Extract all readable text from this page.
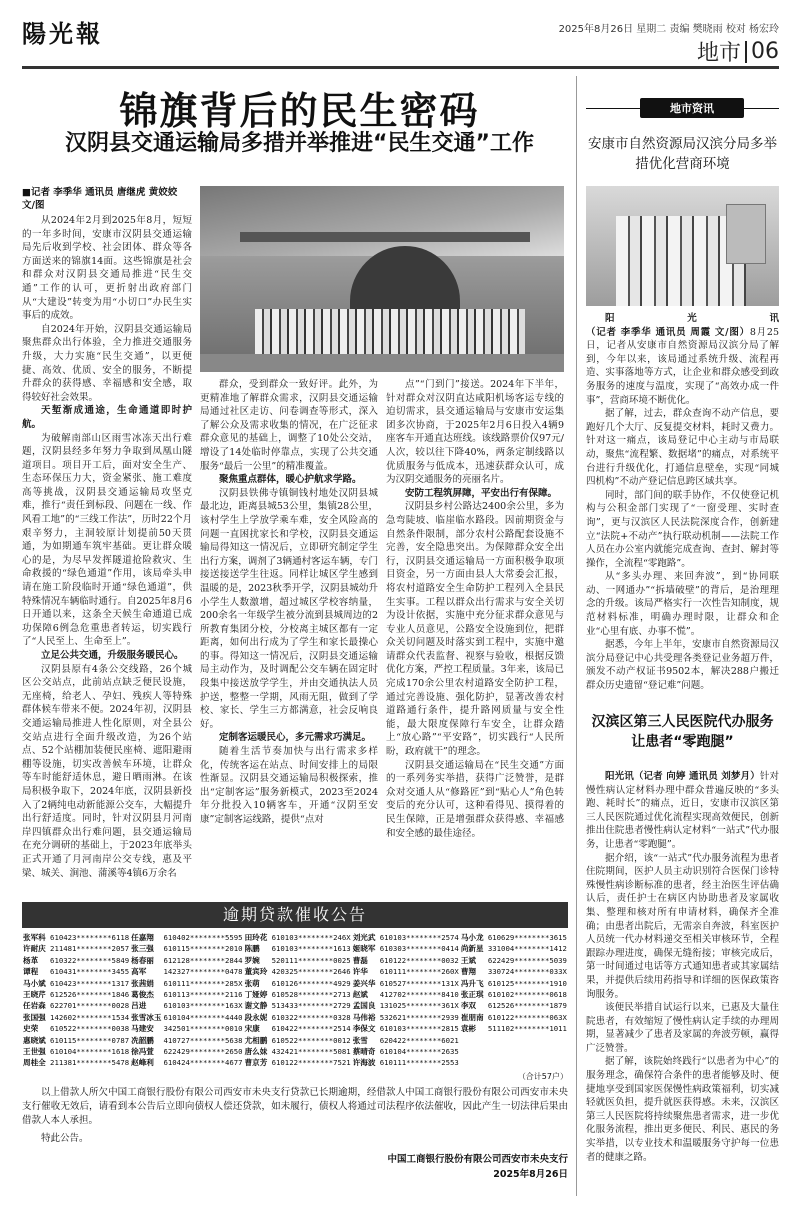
陽光報	2025年8月26日 星期二 责编 樊晓雨 校对 杨宏玲
地市 06
锦旗背后的民生密码
汉阴县交通运输局多措并举推进“民生交通”工作
■记者 李季华 通讯员 唐继虎 黄姣姣 文/图

从2024年2月到2025年8月，短短的一年多时间，安康市汉阴县交通运输局先后收到学校、社会团体、群众等各方面送来的锦旗14面。这些锦旗是社会和群众对汉阴县交通局推进“民生交通”工作的认可，更折射出政府部门从“大建设”转变为用“小切口”办民生实事后的成效。

自2024年开始，汉阴县交通运输局聚焦群众出行体验，全力推进交通服务升级，大力实施“民生交通”，以更便捷、高效、优质、安全的服务，不断提升群众的获得感、幸福感和安全感，取得较好社会效果。

天堑渐成通途，生命通道即时护航。

为破解南部山区雨雪冰冻天出行难题，汉阴县经多年努力争取到凤凰山隧道项目。项目开工后，面对安全生产、生态环保压力大，资金紧张、施工难度高等挑战，汉阴县交通运输局攻坚克难，推行“责任到标段、问题在一线、作风看工地”的“三线工作法”，历时22个月艰辛努力，主洞较原计划提前50天贯通，为如期通车筑牢基础。更让群众暖心的是，为尽早发挥隧道抢险救灾、生命救援的“绿色通道”作用，该局牵头申请在施工阶段临时开通“绿色通道”，供特殊情况车辆临时通行。自2025年8月6日开通以来，这条全天候生命通道已成功保障6例急危重患者转运，切实践行了“人民至上、生命至上”。

立足公共交通，升级服务暖民心。

汉阴县原有4条公交线路，26个城区公交站点，此前站点缺乏便民设施，无座椅，给老人、孕妇、残疾人等特殊群体候车带来不便。2024年初，汉阴县交通运输局推进人性化原则，对全县公交站点进行全面升级改造，为26个站点、52个站棚加装便民座椅、遮阳避雨棚等设施，切实改善候车环境，让群众等车时能舒适休息，避日晒雨淋。在该局积极争取下，2024年底，汉阴县新投入了2辆纯电动新能源公交车，大幅提升出行舒适度。同时，针对汉阴县月河南岸四镇群众出行难问题，县交通运输局在充分调研的基础上，于2023年底举头正式开通了月河南岸公交专线，惠及平梁、城关、涧池、蒲溪等4镇6万余名

群众，受到群众一致好评。此外，为更精准地了解群众需求，汉阴县交通运输局通过社区走访、问卷调查等形式，深入了解公众及需求收集的情况，在广泛征求群众意见的基础上，调整了10处公交站，增设了14处临时停靠点，实现了公共交通服务“最后一公里”的精准覆盖。

聚焦重点群体，暖心护航求学路。

汉阴县铁佛寺镇铜钱村地处汉阴县城最北边，距离县城53公里，集镇28公里，该村学生上学放学乘车难，安全风险高的问题一直困扰家长和学校，汉阴县交通运输局得知这一情况后，立即研究制定学生出行方案，调剂了3辆通村客运车辆，专门接送接送学生往返。同样让城区学生感到温暖的是，2023秋季开学，汉阴县城幼升小学生人数激增，超过城区学校容纳量，200余名一年级学生被分流到县城周边的2所教育集团分校，分校离主城区都有一定距离，如何出行成为了学生和家长最操心的事。得知这一情况后，汉阴县交通运输局主动作为，及时调配公交车辆在固定时段集中接送放学学生，并由交通执法人员护送，整整一学期，风雨无阻，做到了学校、家长、学生三方都满意，社会反响良好。

定制客运暖民心，多元需求巧满足。

随着生活节奏加快与出行需求多样化，传统客运在站点、时间安排上的局限性渐显。汉阴县交通运输局积极探索，推出“定制客运”服务新模式，2023至2024年分批投入10辆客车，开通“汉阴至安康”定制客运线路，提供“点对

点”“门到门”接送。2024年下半年，针对群众对汉阴直达咸阳机场客运专线的迫切需求，县交通运输局与安康市安运集团多次协商，于2025年2月6日投入4辆9座客车开通直达班线。该线路票价仅97元/人次，较以往下降40%，两条定制线路以优质服务与低成本，迅速获群众认可，成为汉阴交通服务的亮丽名片。

安防工程筑屏障，平安出行有保障。

汉阴县乡村公路达2400余公里，多为急弯陡坡、临崖临水路段。因前期资金与自然条件限制，部分农村公路配套设施不完善，安全隐患突出。为保障群众安全出行，汉阴县交通运输局一方面积极争取项目资金，另一方面由县人大常委会汇报，将农村道路安全生命防护工程列入全县民生实事。工程以群众出行需求与安全关切为设计依据，实施中充分征求群众意见与专业人员意见，公路安全设施到位，把群众关切问题及时落实到工程中，实施中邀请群众代表监督、视察与验收，根据反馈优化方案，严控工程质量。3年来，该局已完成170余公里农村道路安全防护工程，通过完善设施、强化防护，显著改善农村道路通行条件，提升路网质量与安全性能，最大限度保障行车安全，让群众踏上“放心路”“平安路”，切实践行“人民所盼，政府就干”的理念。

汉阴县交通运输局在“民生交通”方面的一系列务实举措，获得广泛赞誉，是群众对交通人从“修路匠”到“贴心人”角色转变后的充分认可，这种看得见、摸得着的民生保障，正是增强群众获得感、幸福感和安全感的最佳途径。

地市资讯
安康市自然资源局汉滨分局多举措优化营商环境

阳光讯（记者 李季华 通讯员 周霞 文/图）8月25日，记者从安康市自然资源局汉滨分局了解到，今年以来，该局通过系统升级、流程再造、实事落地等方式，让企业和群众感受到政务服务的速度与温度，实现了“高效办成一件事”，营商环境不断优化。

据了解，过去，群众查询不动产信息，要跑好几个大厅、反复提交材料，耗时又费力。针对这一痛点，该局登记中心主动与市局联动，聚焦“流程繁、数据堵”的痛点，对系统平台进行升级优化，打通信息壁垒，实现“同城四机构”不动产登记信息跨区域共享。

同时，部门间的联手协作，不仅使登记机构与公积金部门实现了“一窗受理、实时查询”，更与汉滨区人民法院深度合作，创新建立“法院+不动产”执行联动机制——法院工作人员在办公室内就能完成查询、查封、解封等操作，全流程“零跑路”。

从“多头办理、来回奔波”，到“协同联动、一网通办”“拆墙破壁”的背后，是治理理念的升级。该局严格实行一次性告知制度，规范材料标准，明确办理时限，让群众和企业“心里有底、办事不慌”。

据悉，今年上半年，安康市自然资源局汉滨分局登记中心共受理各类登记业务超万件，颁发不动产权证书9502本，解决288户搬迁群众历史遗留“登记难”问题。

汉滨区第三人民医院代办服务让患者“零跑腿”

阳光讯（记者 向婷 通讯员 刘梦月）针对慢性病认定材料办理中群众普遍反映的“多头跑、耗时长”的痛点，近日，安康市汉滨区第三人民医院通过优化流程实现高效便民，创新推出住院患者慢性病认定材料“一站式”代办服务，让患者“零跑腿”。

据介绍，该“一站式”代办服务流程为患者住院期间，医护人员主动识别符合医保门诊特殊慢性病诊断标准的患者，经主治医生评估确认后，责任护士在病区内协助患者及家属收集、整理和核对所有申请材料，确保齐全准确；由患者出院后，无需亲自奔波，科室医护人员统一代办材料递交至相关审核环节，全程跟踪办理进度，确保无缝衔接；审核完成后，第一时间通过电话等方式通知患者或其家属结果，并提供后续用药指导和详细的医保政策咨询服务。

该便民举措自试运行以来，已惠及大量住院患者，有效缩短了慢性病认定手续的办理周期，显著减少了患者及家属的奔波劳顿，赢得广泛赞誉。

据了解，该院始终践行“以患者为中心”的服务理念，确保符合条件的患者能够及时、便捷地享受到国家医保慢性病政策福利，切实减轻就医负担，提升就医获得感。未来，汉滨区第三人民医院将持续聚焦患者需求，进一步优化服务流程，推出更多便民、利民、惠民的务实举措，以专业技术和温暖服务守护每一位患者的健康之路。

逾期贷款催收公告
张军科	610423********6118	任嘉翔	610402********5595	田玲花	610103********246X	刘光武	610103********2574	马小龙	610629********3615
许耐庆	211481********2057	张三强	610115********2010	陈鹏	610103********1613	姬晓军	610303********0414	尚新星	331004********1412
杨革	610322********5849	杨春丽	612128********2844	罗婉	520111********0025	曹磊	610122********0032	王斌	622429********5039
谭程	610431********3455	高军	142327********0478	董宾玲	420325********2646	许华	610111********260X	曹翔	330724********033X
马小斌	610423********1317	张茜娟	610111********285X	张萌	610126********4929	姜兴华	610527********131X	冯升飞	610125********1910
王晓芹	612526********1846	葛俊杰	610113********2116	丁娅婷	610528********2713	赵斌	412702********8410	张正琪	610102********0618
任岩森	622701********0028	吕进	610103********163X	谢文静	513433********2729	孟国良	131025********361X	李双	612526********1879
张国强	142602********1534	张雪冰玉	610104********4440	段永妮	610322********0328	马伟裕	532621********2939	崔朋南	610122********063X
史荣	610522********0038	马建安	342501********0010	宋康	610422********2514	李保文	610103********2815	袁彬	511102********1011
惠晓斌	610115********0787	冼韶鹏	410727********5638	尤相鹏	610522********0012	张雪	620422********6021		
王世强	610104********1618	徐冯萱	622429********2650	唐么妹	432421********5081	蔡晴奇	610104********2635		
周桂全	211381********5478	赵峰利	610424********4677	曹京芳	610122********7521	许海波	610111********2553		
（合计57户）

以上借款人所欠中国工商银行股份有限公司西安市未央支行贷款已长期逾期，经借款人中国工商银行股份有限公司西安市未央支行催收无效后，请看到本公告后立即向债权人偿还贷款，如未履行，债权人将通过司法程序依法催收，因此产生一切法律后果由借款人本人承担。

特此公告。

中国工商银行股份有限公司西安市未央支行
2025年8月26日
